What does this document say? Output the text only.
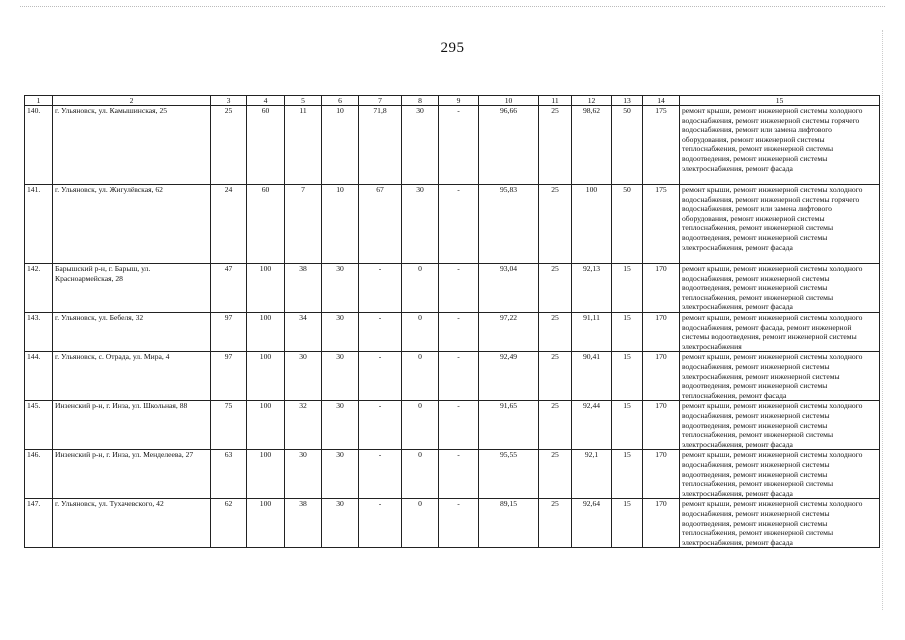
295
1	2	3	4	5	6	7	8	9	10	11	12	13	14	15
140.	г. Ульяновск, ул. Камышинская, 25	25	60	11	10	71,8	30	-	96,66	25	98,62	50	175	ремонт крыши, ремонт инженерной системы холодного водоснабжения, ремонт инженерной системы горячего водоснабжения, ремонт или замена лифтового оборудования, ремонт инженерной системы теплоснабжения, ремонт инженерной системы водоотведения, ремонт инженерной системы электроснабжения, ремонт фасада
141.	г. Ульяновск, ул. Жигулёвская, 62	24	60	7	10	67	30	-	95,83	25	100	50	175	ремонт крыши, ремонт инженерной системы холодного водоснабжения, ремонт инженерной системы горячего водоснабжения, ремонт или замена лифтового оборудования, ремонт инженерной системы теплоснабжения, ремонт инженерной системы водоотведения, ремонт инженерной системы электроснабжения, ремонт фасада
142.	Барышский р-н, г. Барыш, ул. Красноармейская, 28	47	100	38	30	-	0	-	93,04	25	92,13	15	170	ремонт крыши, ремонт инженерной системы холодного водоснабжения, ремонт инженерной системы водоотведения, ремонт инженерной системы теплоснабжения, ремонт инженерной системы электроснабжения, ремонт фасада
143.	г. Ульяновск, ул. Бебеля, 32	97	100	34	30	-	0	-	97,22	25	91,11	15	170	ремонт крыши, ремонт инженерной системы холодного водоснабжения, ремонт фасада, ремонт инженерной системы водоотведения, ремонт инженерной системы электроснабжения
144.	г. Ульяновск, с. Отрада, ул. Мира, 4	97	100	30	30	-	0	-	92,49	25	90,41	15	170	ремонт крыши, ремонт инженерной системы холодного водоснабжения, ремонт инженерной системы электроснабжения, ремонт инженерной системы водоотведения, ремонт инженерной системы теплоснабжения, ремонт фасада
145.	Инзенский р-н, г. Инза, ул. Школьная, 88	75	100	32	30	-	0	-	91,65	25	92,44	15	170	ремонт крыши, ремонт инженерной системы холодного водоснабжения, ремонт инженерной системы водоотведения, ремонт инженерной системы теплоснабжения, ремонт инженерной системы электроснабжения, ремонт фасада
146.	Инзенский р-н, г. Инза, ул. Менделеева, 27	63	100	30	30	-	0	-	95,55	25	92,1	15	170	ремонт крыши, ремонт инженерной системы холодного водоснабжения, ремонт инженерной системы водоотведения, ремонт инженерной системы теплоснабжения, ремонт инженерной системы электроснабжения, ремонт фасада
147.	г. Ульяновск, ул. Тухачевского, 42	62	100	38	30	-	0	-	89,15	25	92,64	15	170	ремонт крыши, ремонт инженерной системы холодного водоснабжения, ремонт инженерной системы водоотведения, ремонт инженерной системы теплоснабжения, ремонт инженерной системы электроснабжения, ремонт фасада
